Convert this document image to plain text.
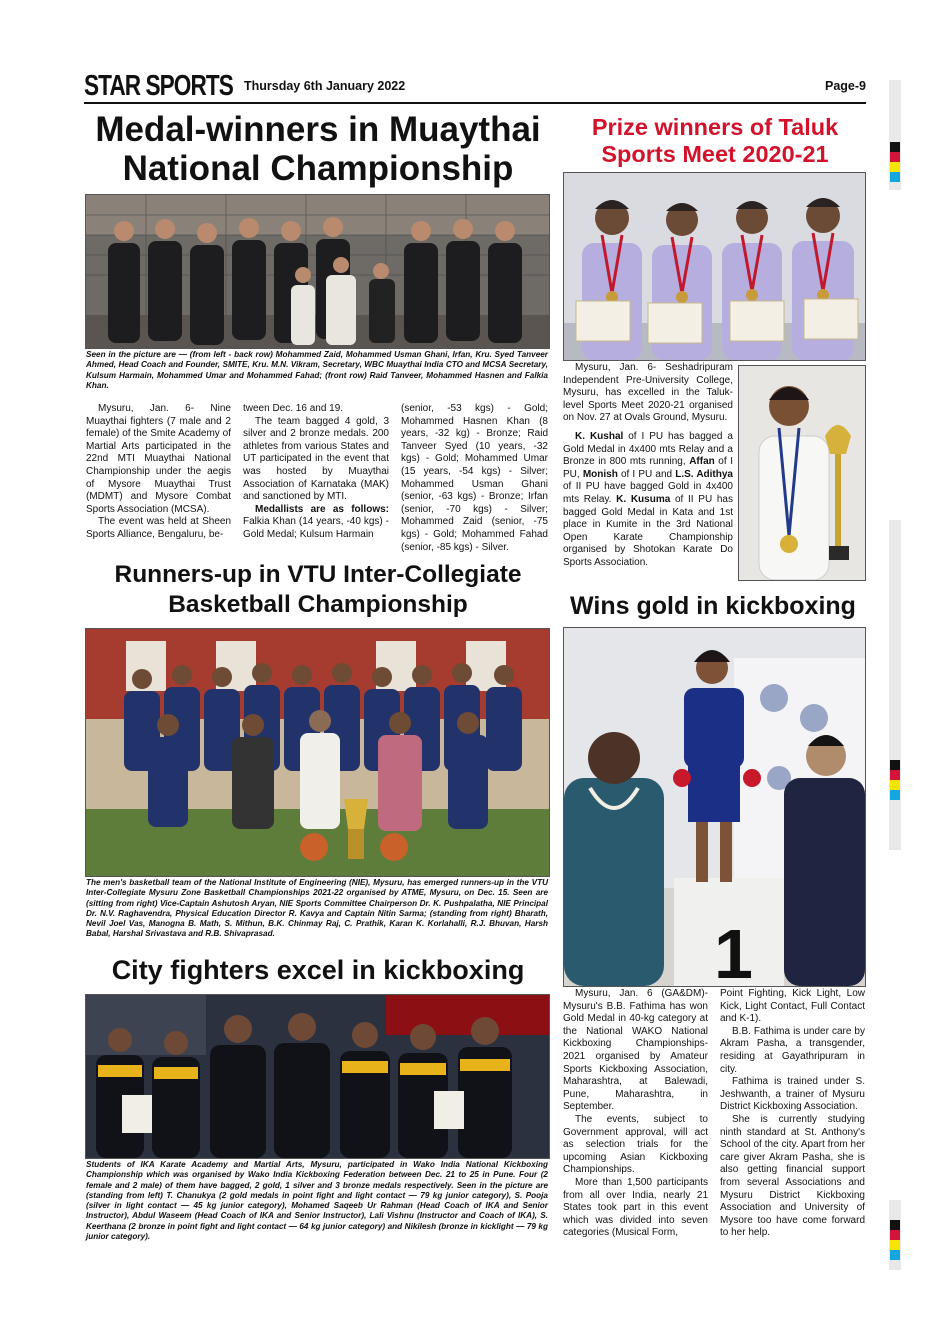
STAR SPORTS Thursday 6th January 2022	Page-9
Medal-winners in Muaythai
National Championship
Seen in the picture are — (from left - back row) Mohammed Zaid, Mohammed Usman Ghani, Irfan, Kru. Syed Tanveer Ahmed, Head Coach and Founder, SMITE, Kru. M.N. Vikram, Secretary, WBC Muaythai India CTO and MCSA Secretary, Kulsum Harmain, Mohammed Umar and Mohammed Fahad; (front row) Raid Tanveer, Mohammed Hasnen and Falkia Khan.

Mysuru, Jan. 6- Nine Muaythai fighters (7 male and 2 female) of the Smite Academy of Martial Arts participated in the 22nd MTI Muaythai National Championship under the aegis of Mysore Muaythai Trust (MDMT) and Mysore Combat Sports Association (MCSA).

The event was held at Sheen Sports Alliance, Bengaluru, be-

tween Dec. 16 and 19.

The team bagged 4 gold, 3 silver and 2 bronze medals. 200 athletes from various States and UT participated in the event that was hosted by Muaythai Association of Karnataka (MAK) and sanctioned by MTI.

Medallists are as follows: Falkia Khan (14 years, -40 kgs) - Gold Medal; Kulsum Harmain

(senior, -53 kgs) - Gold; Mohammed Hasnen Khan (8 years, -32 kg) - Bronze; Raid Tanveer Syed (10 years, -32 kgs) - Gold; Mohammed Umar (15 years, -54 kgs) - Silver; Mohammed Usman Ghani (senior, -63 kgs) - Bronze; Irfan (senior, -70 kgs) - Silver; Mohammed Zaid (senior, -75 kgs) - Gold; Mohammed Fahad (senior, -85 kgs) - Silver.

Prize winners of Taluk
Sports Meet 2020-21

Mysuru, Jan. 6- Seshadripuram Independent Pre-University College, Mysuru, has excelled in the Taluk-level Sports Meet 2020-21 organised on Nov. 27 at Ovals Ground, Mysuru.

K. Kushal of I PU has bagged a Gold Medal in 4x400 mts Relay and a Bronze in 800 mts running, Affan of I PU, Monish of I PU and L.S. Adithya of II PU have bagged Gold in 4x400 mts Relay. K. Kusuma of II PU has bagged Gold Medal in Kata and 1st place in Kumite in the 3rd National Open Karate Championship organised by Shotokan Karate Do Sports Association.

Runners-up in VTU Inter-Collegiate
Basketball Championship
The men's basketball team of the National Institute of Engineering (NIE), Mysuru, has emerged runners-up in the VTU Inter-Collegiate Mysuru Zone Basketball Championships 2021-22 organised by ATME, Mysuru, on Dec. 15. Seen are (sitting from right) Vice-Captain Ashutosh Aryan, NIE Sports Committee Chairperson Dr. K. Pushpalatha, NIE Principal Dr. N.V. Raghavendra, Physical Education Director R. Kavya and Captain Nitin Sarma; (standing from right) Bharath, Nevil Joel Vas, Manogna B. Math, S. Mithun, B.K. Chinmay Raj, C. Prathik, Karan K. Korlahalli, R.J. Bhuvan, Harsh Babal, Harshal Srivastava and R.B. Shivaprasad.
Wins gold in kickboxing
1

Mysuru, Jan. 6 (GA&DM)- Mysuru's B.B. Fathima has won Gold Medal in 40-kg category at the National WAKO National Kickboxing Championships-2021 organised by Amateur Sports Kickboxing Association, Maharashtra, at Balewadi, Pune, Maharashtra, in September.

The events, subject to Government approval, will act as selection trials for the upcoming Asian Kickboxing Championships.

More than 1,500 participants from all over India, nearly 21 States took part in this event which was divided into seven categories (Musical Form,

Point Fighting, Kick Light, Low Kick, Light Contact, Full Contact and K-1).

B.B. Fathima is under care by Akram Pasha, a transgender, residing at Gayathripuram in city.

Fathima is trained under S. Jeshwanth, a trainer of Mysuru District Kickboxing Association.

She is currently studying ninth standard at St. Anthony's School of the city. Apart from her care giver Akram Pasha, she is also getting financial support from several Associations and Mysuru District Kickboxing Association and University of Mysore too have come forward to her help.

City fighters excel in kickboxing
Students of IKA Karate Academy and Martial Arts, Mysuru, participated in Wako India National Kickboxing Championship which was organised by Wako India Kickboxing Federation between Dec. 21 to 25 in Pune. Four (2 female and 2 male) of them have bagged, 2 gold, 1 silver and 3 bronze medals respectively. Seen in the picture are (standing from left) T. Chanukya (2 gold medals in point fight and light contact — 79 kg junior category), S. Pooja (silver in light contact — 45 kg junior category), Mohamed Saqeeb Ur Rahman (Head Coach of IKA and Senior Instructor), Abdul Waseem (Head Coach of IKA and Senior Instructor), Lali Vishnu (Instructor and Coach of IKA), S. Keerthana (2 bronze in point fight and light contact — 64 kg junior category) and Nikilesh (bronze in kicklight — 79 kg junior category).
